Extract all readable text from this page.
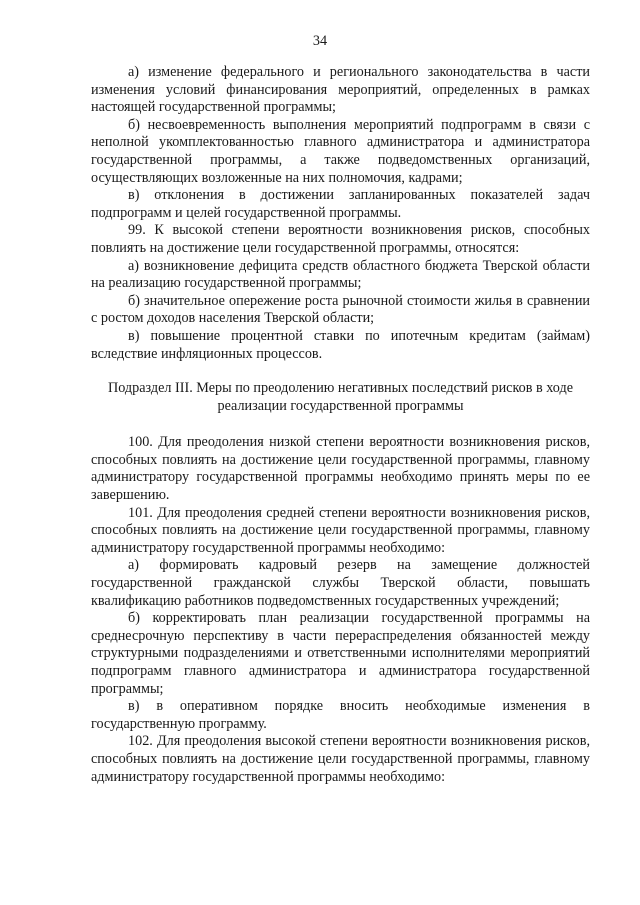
34

а) изменение федерального и регионального законодательства в части изменения условий финансирования мероприятий, определенных в рамках настоящей государственной программы;

б) несвоевременность выполнения мероприятий подпрограмм в связи с неполной укомплектованностью главного администратора и администратора государственной программы, а также подведомственных организаций, осуществляющих возложенные на них полномочия, кадрами;

в) отклонения в достижении запланированных показателей задач подпрограмм и целей государственной программы.

99. К высокой степени вероятности возникновения рисков, способных повлиять на достижение цели государственной программы, относятся:

а) возникновение дефицита средств областного бюджета Тверской области на реализацию государственной программы;

б) значительное опережение роста рыночной стоимости жилья в сравнении с ростом доходов населения Тверской области;

в) повышение процентной ставки по ипотечным кредитам (займам) вследствие инфляционных процессов.

Подраздел III. Меры по преодолению негативных последствий рисков в ходе реализации государственной программы

100. Для преодоления низкой степени вероятности возникновения рисков, способных повлиять на достижение цели государственной программы, главному администратору государственной программы необходимо принять меры по ее завершению.

101. Для преодоления средней степени вероятности возникновения рисков, способных повлиять на достижение цели государственной программы, главному администратору государственной программы необходимо:

а) формировать кадровый резерв на замещение должностей государственной гражданской службы Тверской области, повышать квалификацию работников подведомственных государственных учреждений;

б) корректировать план реализации государственной программы на среднесрочную перспективу в части перераспределения обязанностей между структурными подразделениями и ответственными исполнителями мероприятий подпрограмм главного администратора и администратора государственной программы;

в) в оперативном порядке вносить необходимые изменения в государственную программу.

102. Для преодоления высокой степени вероятности возникновения рисков, способных повлиять на достижение цели государственной программы, главному администратору государственной программы необходимо:
